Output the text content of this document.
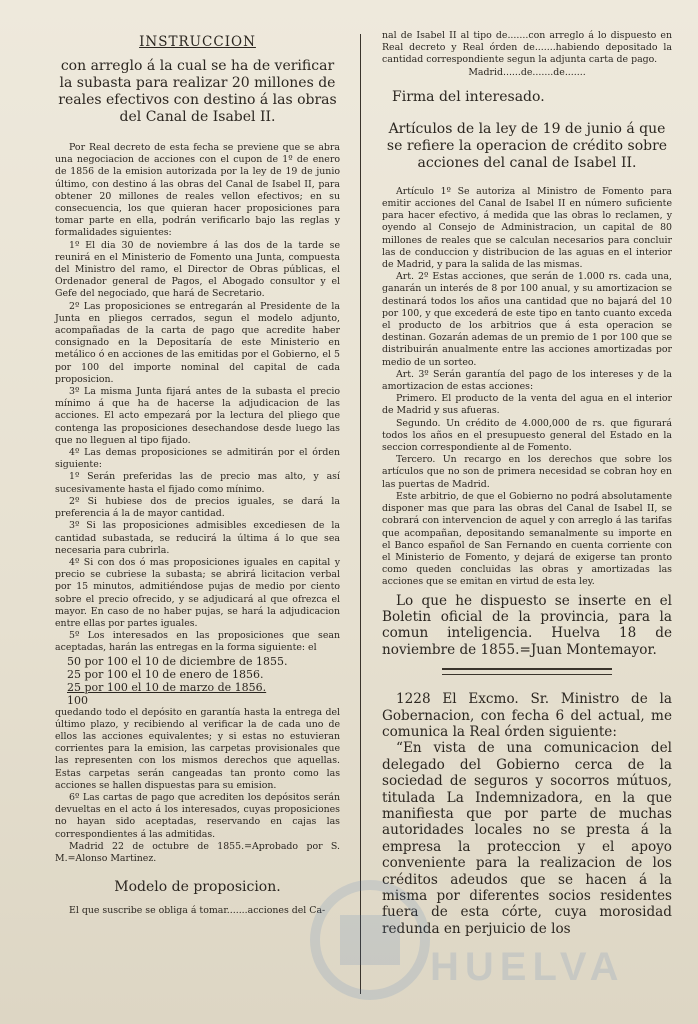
INSTRUCCION
con arreglo á la cual se ha de verificar la subasta para realizar 20 millones de reales efectivos con destino á las obras del Canal de Isabel II.

Por Real decreto de esta fecha se previene que se abra una negociacion de acciones con el cupon de 1º de enero de 1856 de la emision autorizada por la ley de 19 de junio último, con destino á las obras del Canal de Isabel II, para obtener 20 millones de reales vellon efectivos; en su consecuencia, los que quieran hacer proposiciones para tomar parte en ella, podrán verificarlo bajo las reglas y formalidades siguientes:

1º El dia 30 de noviembre á las dos de la tarde se reunirá en el Ministerio de Fomento una Junta, compuesta del Ministro del ramo, el Director de Obras públicas, el Ordenador general de Pagos, el Abogado consultor y el Gefe del negociado, que hará de Secretario.

2º Las proposiciones se entregarán al Presidente de la Junta en pliegos cerrados, segun el modelo adjunto, acompañadas de la carta de pago que acredite haber consignado en la Depositaría de este Ministerio en metálico ó en acciones de las emitidas por el Gobierno, el 5 por 100 del importe nominal del capital de cada proposicion.

3º La misma Junta fijará antes de la subasta el precio mínimo á que ha de hacerse la adjudicacion de las acciones. El acto empezará por la lectura del pliego que contenga las proposiciones desechandose desde luego las que no lleguen al tipo fijado.

4º Las demas proposiciones se admitirán por el órden siguiente:

1º Serán preferidas las de precio mas alto, y así sucesivamente hasta el fijado como mínimo.

2º Si hubiese dos de precios iguales, se dará la preferencia á la de mayor cantidad.

3º Si las proposiciones admisibles excediesen de la cantidad subastada, se reducirá la última á lo que sea necesaria para cubrirla.

4º Si con dos ó mas proposiciones iguales en capital y precio se cubriese la subasta; se abrirá licitacion verbal por 15 minutos, admitiéndose pujas de medio por ciento sobre el precio ofrecido, y se adjudicará al que ofrezca el mayor. En caso de no haber pujas, se hará la adjudicacion entre ellas por partes iguales.

5º Los interesados en las proposiciones que sean aceptadas, harán las entregas en la forma siguiente: el

50 por 100 el 10 de diciembre de 1855.

25 por 100 el 10 de enero de 1856.

25 por 100 el 10 de marzo de 1856.

100

quedando todo el depósito en garantía hasta la entrega del último plazo, y recibiendo al verificar la de cada uno de ellos las acciones equivalentes; y si estas no estuvieran corrientes para la emision, las carpetas provisionales que las representen con los mismos derechos que aquellas. Estas carpetas serán cangeadas tan pronto como las acciones se hallen dispuestas para su emision.

6º Las cartas de pago que acrediten los depósitos serán devueltas en el acto á los interesados, cuyas proposiciones no hayan sido aceptadas, reservando en cajas las correspondientes á las admitidas.

Madrid 22 de octubre de 1855.=Aprobado por S. M.=Alonso Martinez.

Modelo de proposicion.

El que suscribe se obliga á tomar.......acciones del Ca-

nal de Isabel II al tipo de.......con arreglo á lo dispuesto en Real decreto y Real órden de.......habiendo depositado la cantidad correspondiente segun la adjunta carta de pago.

Madrid......de.......de.......

Firma del interesado.
Artículos de la ley de 19 de junio á que se refiere la operacion de crédito sobre acciones del canal de Isabel II.

Artículo 1º Se autoriza al Ministro de Fomento para emitir acciones del Canal de Isabel II en número suficiente para hacer efectivo, á medida que las obras lo reclamen, y oyendo al Consejo de Administracion, un capital de 80 millones de reales que se calculan necesarios para concluir las de conduccion y distribucion de las aguas en el interior de Madrid, y para la salida de las mismas.

Art. 2º Estas acciones, que serán de 1.000 rs. cada una, ganarán un interés de 8 por 100 anual, y su amortizacion se destinará todos los años una cantidad que no bajará del 10 por 100, y que excederá de este tipo en tanto cuanto exceda el producto de los arbitrios que á esta operacion se destinan. Gozarán ademas de un premio de 1 por 100 que se distribuirán anualmente entre las acciones amortizadas por medio de un sorteo.

Art. 3º Serán garantía del pago de los intereses y de la amortizacion de estas acciones:

Primero. El producto de la venta del agua en el interior de Madrid y sus afueras.

Segundo. Un crédito de 4.000,000 de rs. que figurará todos los años en el presupuesto general del Estado en la seccion correspondiente al de Fomento.

Tercero. Un recargo en los derechos que sobre los artículos que no son de primera necesidad se cobran hoy en las puertas de Madrid.

Este arbitrio, de que el Gobierno no podrá absolutamente disponer mas que para las obras del Canal de Isabel II, se cobrará con intervencion de aquel y con arreglo á las tarifas que acompañan, depositando semanalmente su importe en el Banco español de San Fernando en cuenta corriente con el Ministerio de Fomento, y dejará de exigerse tan pronto como queden concluidas las obras y amortizadas las acciones que se emitan en virtud de esta ley.

Lo que he dispuesto se inserte en el Boletin oficial de la provincia, para la comun inteligencia. Huelva 18 de noviembre de 1855.=Juan Montemayor.

1228 El Excmo. Sr. Ministro de la Gobernacion, con fecha 6 del actual, me comunica la Real órden siguiente:

“En vista de una comunicacion del delegado del Gobierno cerca de la sociedad de seguros y socorros mútuos, titulada La Indemnizadora, en la que manifiesta que por parte de muchas autoridades locales no se presta á la empresa la proteccion y el apoyo conveniente para la realizacion de los créditos adeudos que se hacen á la misma por diferentes socios residentes fuera de esta córte, cuya morosidad redunda en perjuicio de los

HUELVA
